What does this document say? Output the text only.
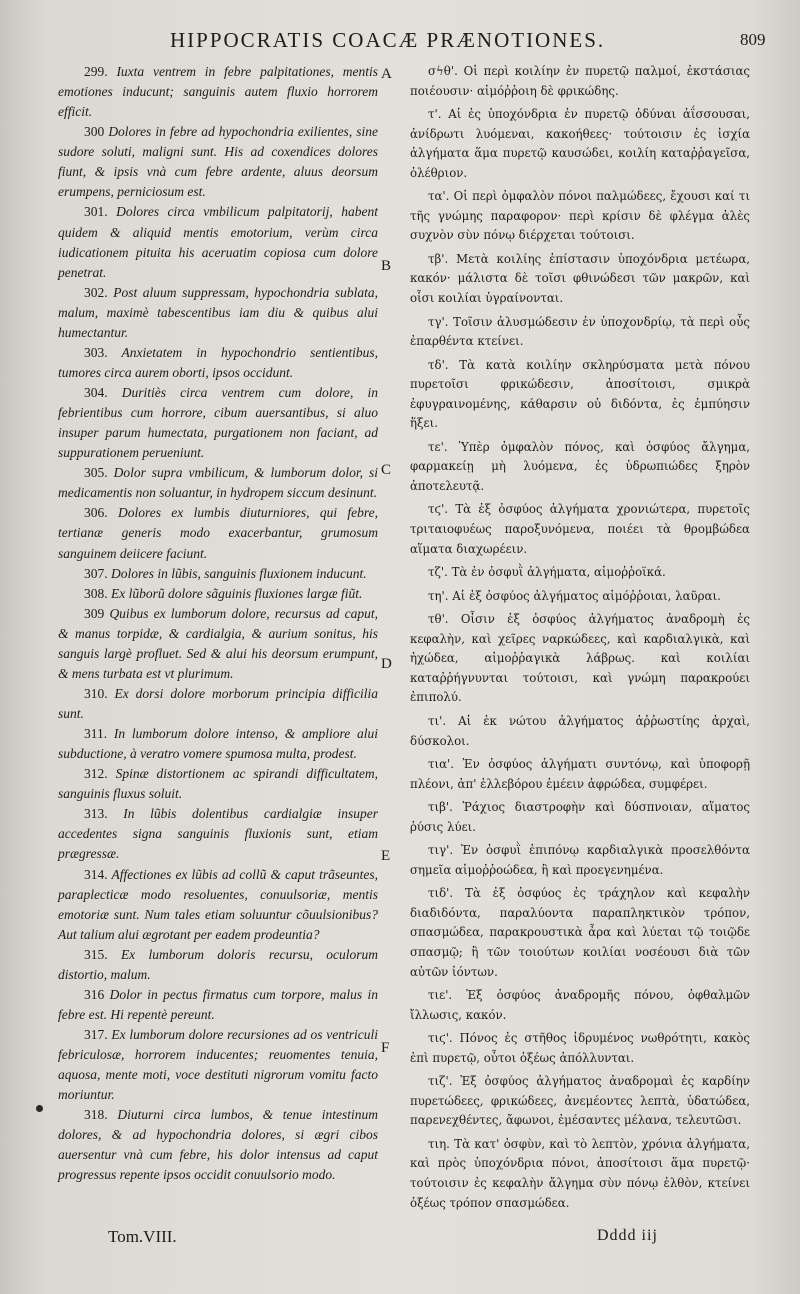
HIPPOCRATIS COACÆ PRÆNOTIONES.	809
A
B
C
D
E
F

299. Iuxta ventrem in febre palpitationes, mentis emotiones inducunt; sanguinis autem fluxio horrorem efficit.

300 Dolores in febre ad hypochondria exilientes, sine sudore soluti, maligni sunt. His ad coxendices dolores fiunt, & ipsis vnà cum febre ardente, aluus deorsum erumpens, perniciosum est.

301. Dolores circa vmbilicum palpitatorij, habent quidem & aliquid mentis emotorium, verùm circa iudicationem pituita his aceruatim copiosa cum dolore penetrat.

302. Post aluum suppressam, hypochondria sublata, malum, maximè tabescentibus iam diu & quibus alui humectantur.

303. Anxietatem in hypochondrio sentientibus, tumores circa aurem oborti, ipsos occidunt.

304. Duritiès circa ventrem cum dolore, in febrientibus cum horrore, cibum auersantibus, si aluo insuper parum humectata, purgationem non faciant, ad suppurationem perueniunt.

305. Dolor supra vmbilicum, & lumborum dolor, si medicamentis non soluantur, in hydropem siccum desinunt.

306. Dolores ex lumbis diuturniores, qui febre, tertianæ generis modo exacerbantur, grumosum sanguinem deiicere faciunt.

307. Dolores in lũbis, sanguinis fluxionem inducunt.

308. Ex lũborũ dolore sãguinis fluxiones largæ fiũt.

309 Quibus ex lumborum dolore, recursus ad caput, & manus torpidæ, & cardialgia, & aurium sonitus, his sanguis largè profluet. Sed & alui his deorsum erumpunt, & mens turbata est vt plurimum.

310. Ex dorsi dolore morborum principia difficilia sunt.

311. In lumborum dolore intenso, & ampliore alui subductione, à veratro vomere spumosa multa, prodest.

312. Spinæ distortionem ac spirandi difficultatem, sanguinis fluxus soluit.

313. In lũbis dolentibus cardialgiæ insuper accedentes signa sanguinis fluxionis sunt, etiam prægressæ.

314. Affectiones ex lũbis ad collũ & caput trãseuntes, paraplecticæ modo resoluentes, conuulsoriæ, mentis emotoriæ sunt. Num tales etiam soluuntur cõuulsionibus? Aut talium alui ægrotant per eadem prodeuntia?

315. Ex lumborum doloris recursu, oculorum distortio, malum.

316 Dolor in pectus firmatus cum torpore, malus in febre est. Hi repentè pereunt.

317. Ex lumborum dolore recursiones ad os ventriculi febriculosæ, horrorem inducentes; reuomentes tenuia, aquosa, mente moti, voce destituti nigrorum vomitu facto moriuntur.

318. Diuturni circa lumbos, & tenue intestinum dolores, & ad hypochondria dolores, si ægri cibos auersentur vnà cum febre, his dolor intensus ad caput progressus repente ipsos occidit conuulsorio modo.

σϟθ'. Οἱ περὶ κοιλίην ἐν πυρετῷ παλμοί, ἐκστάσιας ποιέουσιν· αἱμόῤῥοιη δὲ φρικώδης.

τ'. Αἱ ἐς ὑποχόνδρια ἐν πυρετῷ ὀδύναι ἀΐσσουσαι, ἀνίδρωτι λυόμεναι, κακοήθεες· τούτοισιν ἐς ἰσχία ἀλγήματα ἅμα πυρετῷ καυσώδει, κοιλίη καταῤῥαγεῖσα, ὀλέθριον.

τα'. Οἱ περὶ ὀμφαλὸν πόνοι παλμώδεες, ἔχουσι καί τι τῆς γνώμης παραφορον· περὶ κρίσιν δὲ φλέγμα ἀλὲς συχνὸν σὺν πόνῳ διέρχεται τούτοισι.

τβ'. Μετὰ κοιλίης ἐπίστασιν ὑποχόνδρια μετέωρα, κακόν· μάλιστα δὲ τοῖσι φθινώδεσι τῶν μακρῶν, καὶ οἷσι κοιλίαι ὑγραίνονται.

τγ'. Τοῖσιν ἀλυσμώδεσιν ἐν ὑποχονδρίῳ, τὰ περὶ οὖς ἐπαρθέντα κτείνει.

τδ'. Τὰ κατὰ κοιλίην σκληρύσματα μετὰ πόνου πυρετοῖσι φρικώδεσιν, ἀποσίτοισι, σμικρὰ ἐφυγραινομένης, κάθαρσιν οὐ διδόντα, ἐς ἐμπύησιν ἥξει.

τε'. Ὑπὲρ ὀμφαλὸν πόνος, καὶ ὀσφύος ἄλγημα, φαρμακείῃ μὴ λυόμενα, ἐς ὑδρωπιώδες ξηρὸν ἀποτελευτᾷ.

τϛ'. Τὰ ἐξ ὀσφύος ἀλγήματα χρονιώτερα, πυρετοῖς τριταιοφυέως παροξυνόμενα, ποιέει τὰ θρομβώδεα αἵματα διαχωρέειν.

τζ'. Τὰ ἐν ὀσφυῒ ἀλγήματα, αἱμοῤῥοϊκά.

τη'. Αἱ ἐξ ὀσφύος ἀλγήματος αἱμόῤῥοιαι, λαῦραι.

τθ'. Οἷσιν ἐξ ὀσφύος ἀλγήματος ἀναδρομὴ ἐς κεφαλὴν, καὶ χεῖρες ναρκώδεες, καὶ καρδιαλγικὰ, καὶ ἠχώδεα, αἱμοῤῥαγικὰ λάβρως. καὶ κοιλίαι καταῤῥήγνυνται τούτοισι, καὶ γνώμη παρακρούει ἐπιπολύ.

τι'. Αἱ ἐκ νώτου ἀλγήματος ἀῤῥωστίης ἀρχαὶ, δύσκολοι.

τια'. Ἐν ὀσφύος ἀλγήματι συντόνῳ, καὶ ὑποφορῇ πλέονι, ἀπ' ἐλλεβόρου ἐμέειν ἀφρώδεα, συμφέρει.

τιβ'. Ῥάχιος διαστροφὴν καὶ δύσπνοιαν, αἵματος ῥύσις λύει.

τιγ'. Ἐν ὀσφυῒ ἐπιπόνῳ καρδιαλγικὰ προσελθόντα σημεῖα αἱμοῤῥοώδεα, ἢ καὶ προεγενημένα.

τιδ'. Τὰ ἐξ ὀσφύος ἐς τράχηλον καὶ κεφαλὴν διαδιδόντα, παραλύοντα παραπληκτικὸν τρόπον, σπασμώδεα, παρακρουστικὰ ἆρα καὶ λύεται τῷ τοιῷδε σπασμῷ; ἢ τῶν τοιούτων κοιλίαι νοσέουσι διὰ τῶν αὐτῶν ἰόντων.

τιε'. Ἐξ ὀσφύος ἀναδρομῆς πόνου, ὀφθαλμῶν ἴλλωσις, κακόν.

τιϛ'. Πόνος ἐς στῆθος ἱδρυμένος νωθρότητι, κακὸς ἐπὶ πυρετῷ, οὗτοι ὀξέως ἀπόλλυνται.

τιζ'. Ἐξ ὀσφύος ἀλγήματος ἀναδρομαὶ ἐς καρδίην πυρετώδεες, φρικώδεες, ἀνεμέοντες λεπτὰ, ὑδατώδεα, παρενεχθέντες, ἄφωνοι, ἐμέσαντες μέλανα, τελευτῶσι.

τιη. Τὰ κατ' ὀσφὺν, καὶ τὸ λεπτὸν, χρόνια ἀλγήματα, καὶ πρὸς ὑποχόνδρια πόνοι, ἀποσίτοισι ἅμα πυρετῷ· τούτοισιν ἐς κεφαλὴν ἄλγημα σὺν πόνῳ ἐλθὸν, κτείνει ὀξέως τρόπον σπασμώδεα.

Tom.VIII.	Dddd iij
